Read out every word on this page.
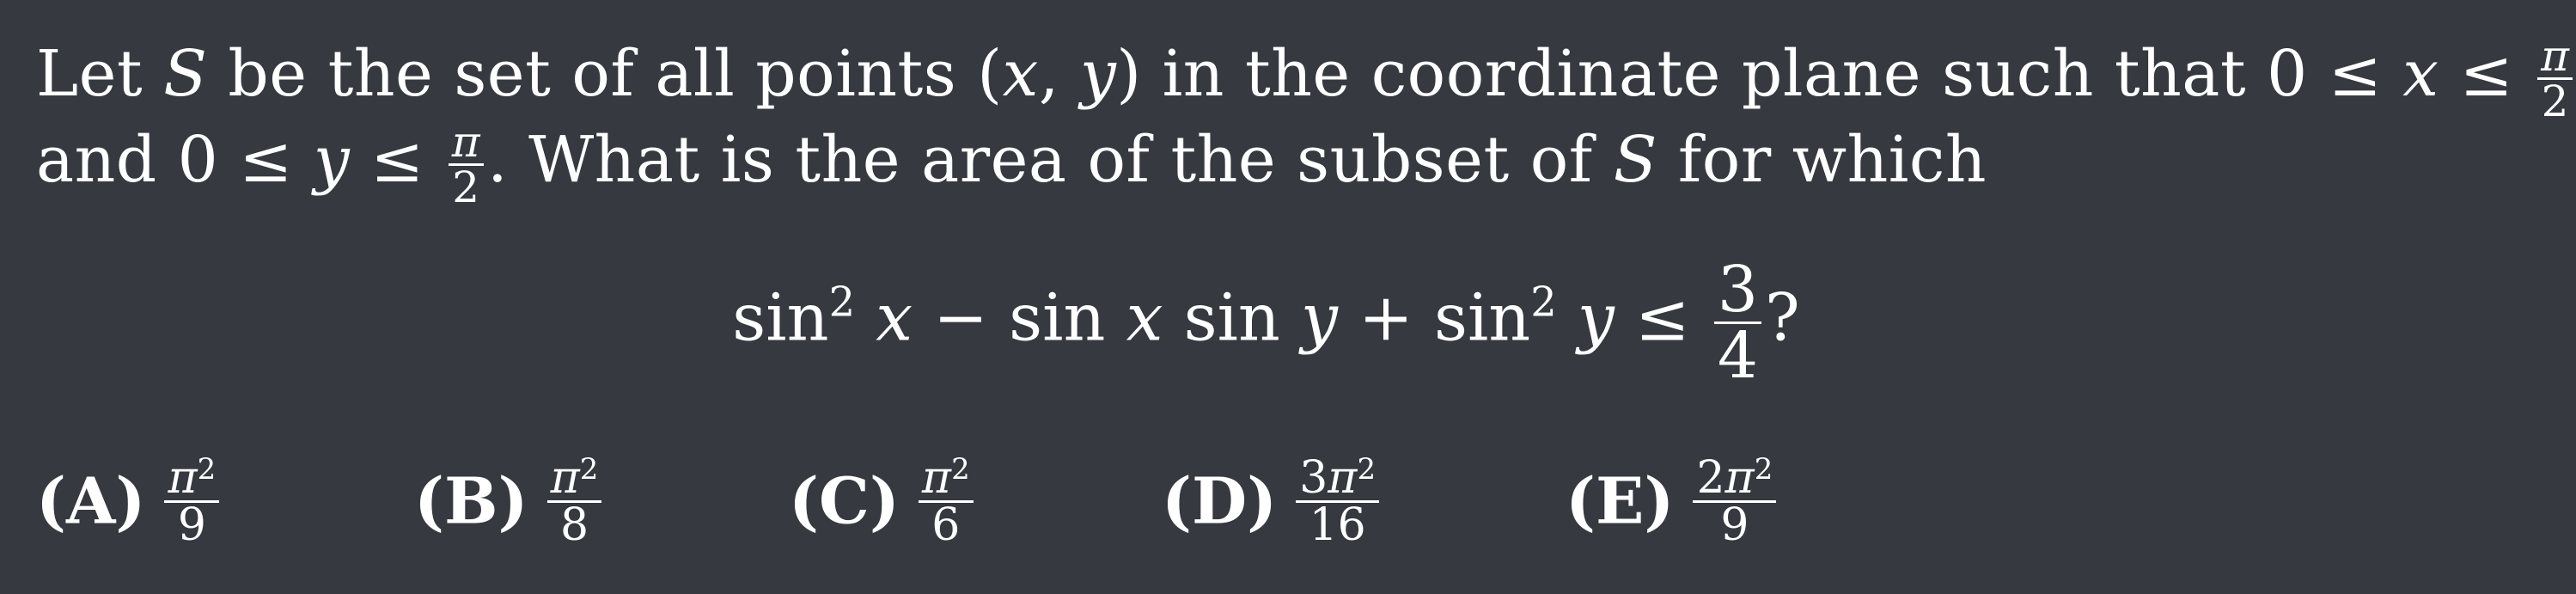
Let S be the set of all points (x, y) in the coordinate plane such that $0 \le x \le \frac{\pi}{2}$
and $0 \le y \le \frac{\pi}{2}$ . What is the area of the subset of S for which
$\sin^2 x - \sin x$ $\sin y + \sin^2 y \le \frac{3}{4}$ ?
$(A) \frac{\pi^2}{9}$	$(B) \frac{\pi^2}{8}$	$(C) \frac{\pi^2}{6}$	$(D) \frac{3\pi^2}{16}$	$(E) \frac{2\pi^2}{9}$
